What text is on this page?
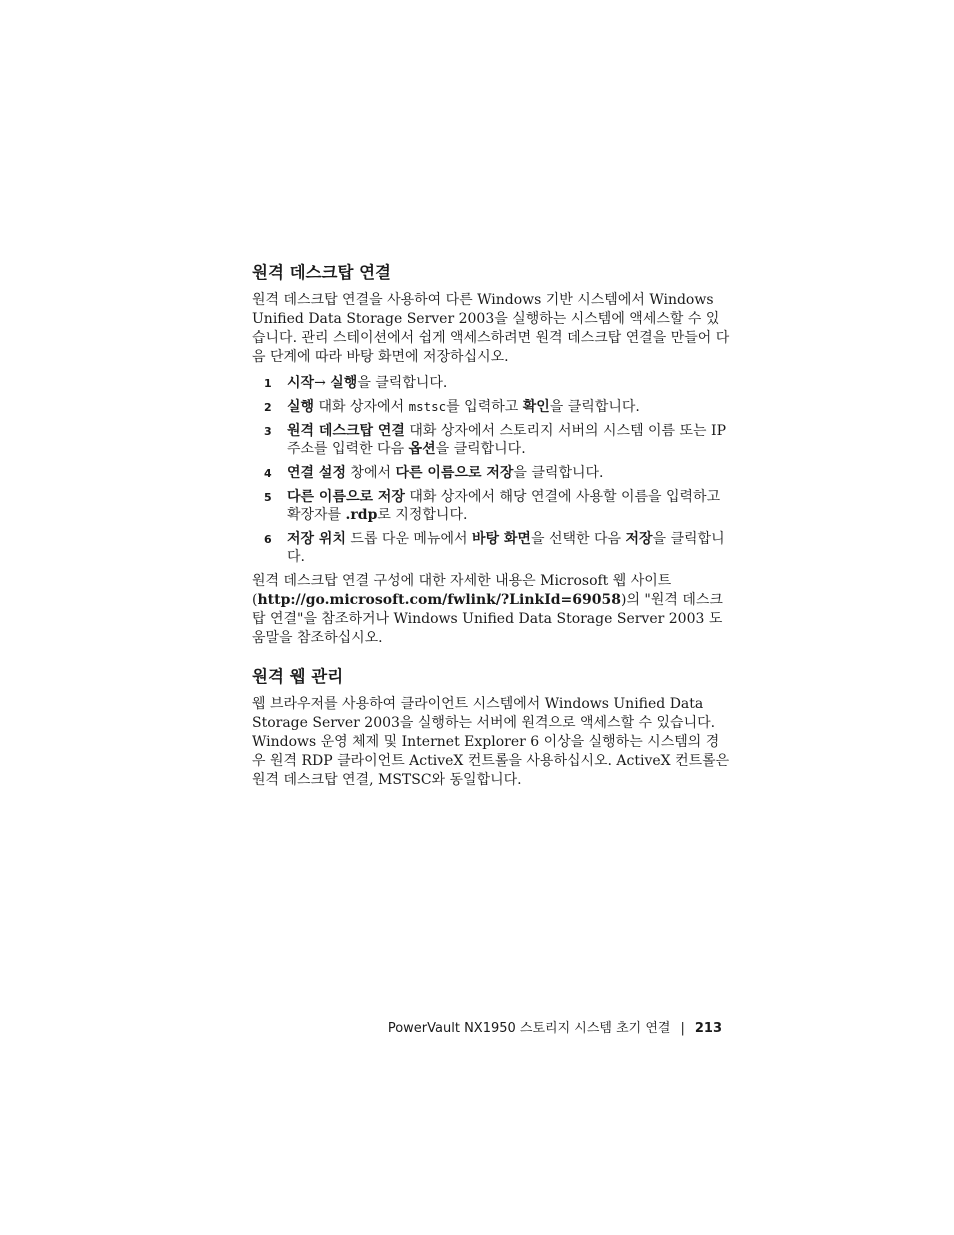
원격 데스크탑 연결

원격 데스크탑 연결을 사용하여 다른 Windows 기반 시스템에서 Windows Unified Data Storage Server 2003을 실행하는 시스템에 액세스할 수 있습니다. 관리 스테이션에서 쉽게 액세스하려면 원격 데스크탑 연결을 만들어 다음 단계에 따라 바탕 화면에 저장하십시오.

1 시작→ 실행을 클릭합니다.
2 실행 대화 상자에서 mstsc를 입력하고 확인을 클릭합니다.
3 원격 데스크탑 연결 대화 상자에서 스토리지 서버의 시스템 이름 또는 IP 주소를 입력한 다음 옵션을 클릭합니다.
4 연결 설정 창에서 다른 이름으로 저장을 클릭합니다.
5 다른 이름으로 저장 대화 상자에서 해당 연결에 사용할 이름을 입력하고 확장자를 .rdp로 지정합니다.
6 저장 위치 드롭 다운 메뉴에서 바탕 화면을 선택한 다음 저장을 클릭합니다.

원격 데스크탑 연결 구성에 대한 자세한 내용은 Microsoft 웹 사이트 (http://go.microsoft.com/fwlink/?LinkId=69058)의 "원격 데스크탑 연결"을 참조하거나 Windows Unified Data Storage Server 2003 도움말을 참조하십시오.

원격 웹 관리

웹 브라우저를 사용하여 클라이언트 시스템에서 Windows Unified Data Storage Server 2003을 실행하는 서버에 원격으로 액세스할 수 있습니다. Windows 운영 체제 및 Internet Explorer 6 이상을 실행하는 시스템의 경우 원격 RDP 클라이언트 ActiveX 컨트롤을 사용하십시오. ActiveX 컨트롤은 원격 데스크탑 연결, MSTSC와 동일합니다.

PowerVault NX1950 스토리지 시스템 초기 연결 | 213
